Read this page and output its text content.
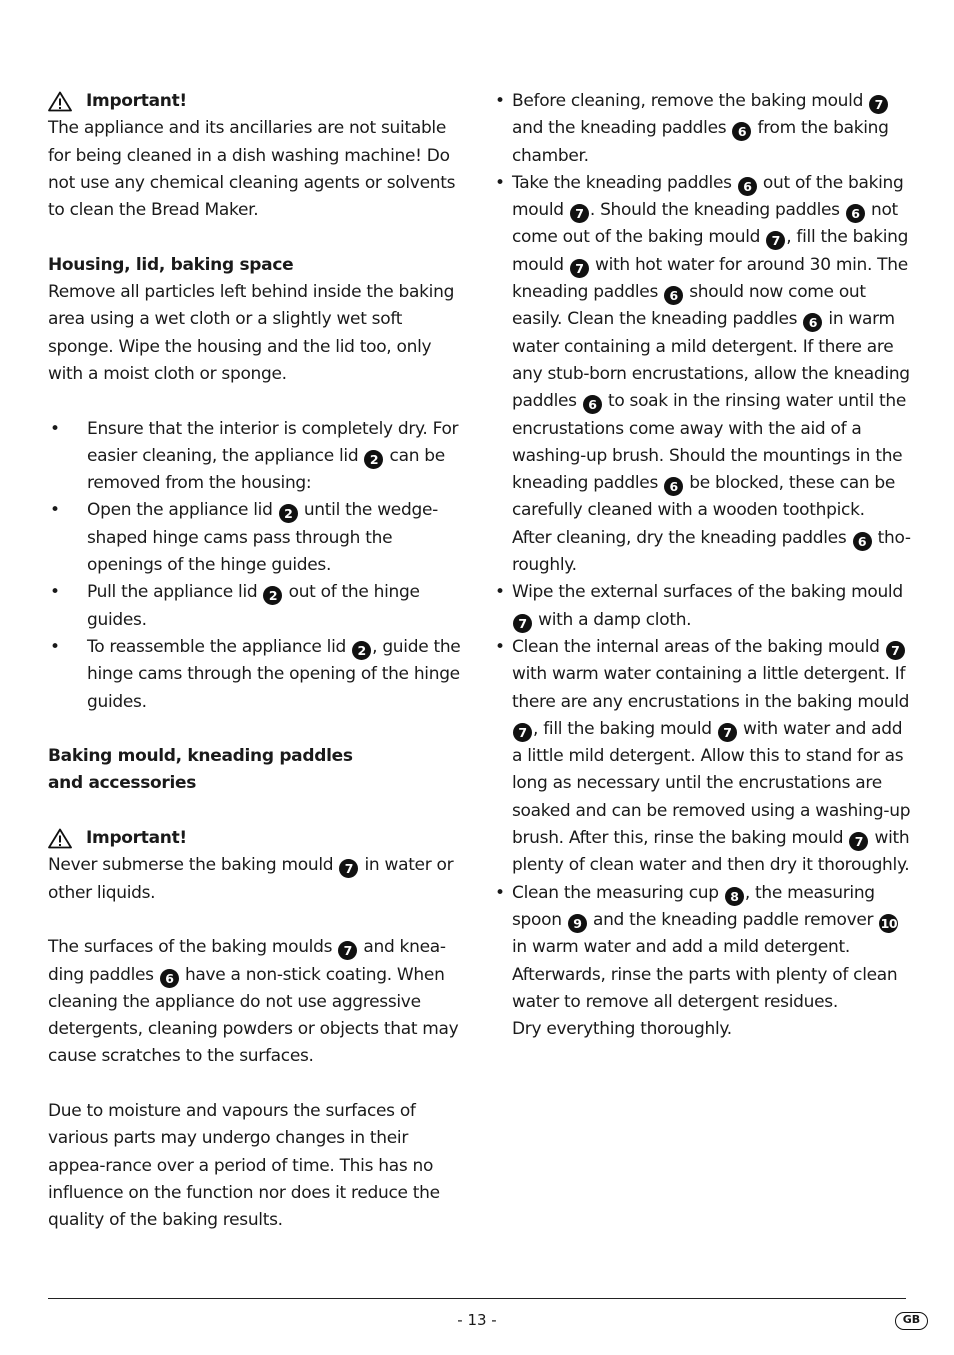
Important!
The appliance and its ancillaries are not suitable for being cleaned in a dish washing machine! Do not use any chemical cleaning agents or solvents to clean the Bread Maker.
Housing, lid, baking space
Remove all particles left behind inside the baking area using a wet cloth or a slightly wet soft sponge. Wipe the housing and the lid too, only with a moist cloth or sponge.
• Ensure that the interior is completely dry. For easier cleaning, the appliance lid 2 can be removed from the housing:
• Open the appliance lid 2 until the wedge-shaped hinge cams pass through the openings of the hinge guides.
• Pull the appliance lid 2 out of the hinge guides.
• To reassemble the appliance lid 2 , guide the hinge cams through the opening of the hinge guides.
Baking mould, kneading paddles
and accessories
Important!
Never submerse the baking mould 7 in water or other liquids.
The surfaces of the baking moulds 7 and knea-ding paddles 6 have a non-stick coating. When cleaning the appliance do not use aggressive detergents, cleaning powders or objects that may cause scratches to the surfaces.
Due to moisture and vapours the surfaces of various parts may undergo changes in their appea-rance over a period of time. This has no influence on the function nor does it reduce the quality of the baking results.
• Before cleaning, remove the baking mould 7 and the kneading paddles 6 from the baking chamber.
• Take the kneading paddles 6 out of the baking mould 7 . Should the kneading paddles 6 not come out of the baking mould 7 , fill the baking mould 7 with hot water for around 30 min. The kneading paddles 6 should now come out easily. Clean the kneading paddles 6 in warm water containing a mild detergent. If there are any stub-born encrustations, allow the kneading paddles 6 to soak in the rinsing water until the encrustations come away with the aid of a washing-up brush. Should the mountings in the kneading paddles 6 be blocked, these can be carefully cleaned with a wooden toothpick.
After cleaning, dry the kneading paddles 6 tho-roughly.
• Wipe the external surfaces of the baking mould 7 with a damp cloth.
• Clean the internal areas of the baking mould 7 with warm water containing a little detergent. If there are any encrustations in the baking mould 7 , fill the baking mould 7 with water and add a little mild detergent. Allow this to stand for as long as necessary until the encrustations are soaked and can be removed using a washing-up brush. After this, rinse the baking mould 7 with plenty of clean water and then dry it thoroughly.
• Clean the measuring cup 8 , the measuring spoon 9 and the kneading paddle remover 10 in warm water and add a mild detergent. Afterwards, rinse the parts with plenty of clean water to remove all detergent residues.
Dry everything thoroughly.
- 13 -	GB
